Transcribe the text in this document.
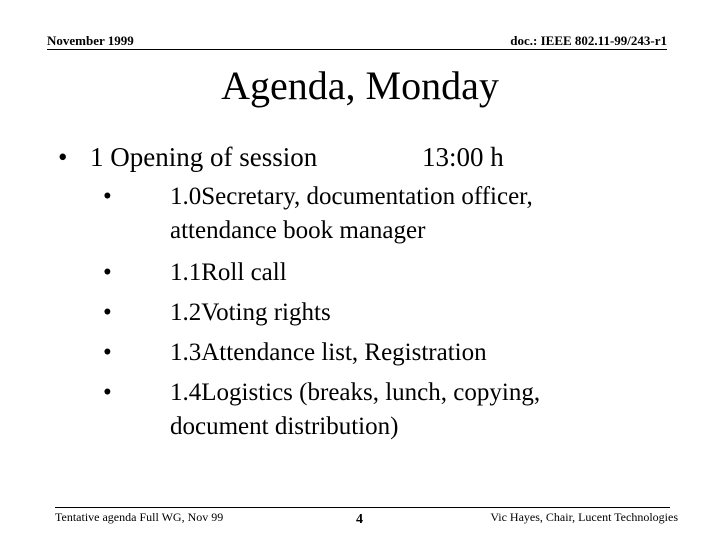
November 1999	doc.: IEEE 802.11-99/243-r1
Agenda, Monday
• 1 Opening of session	13:00 h
•	1.0Secretary, documentation officer, attendance book manager
•	1.1Roll call
•	1.2Voting rights
•	1.3Attendance list, Registration
•	1.4Logistics (breaks, lunch, copying, document distribution)
Tentative agenda Full WG, Nov 99	4	Vic Hayes, Chair, Lucent Technologies
